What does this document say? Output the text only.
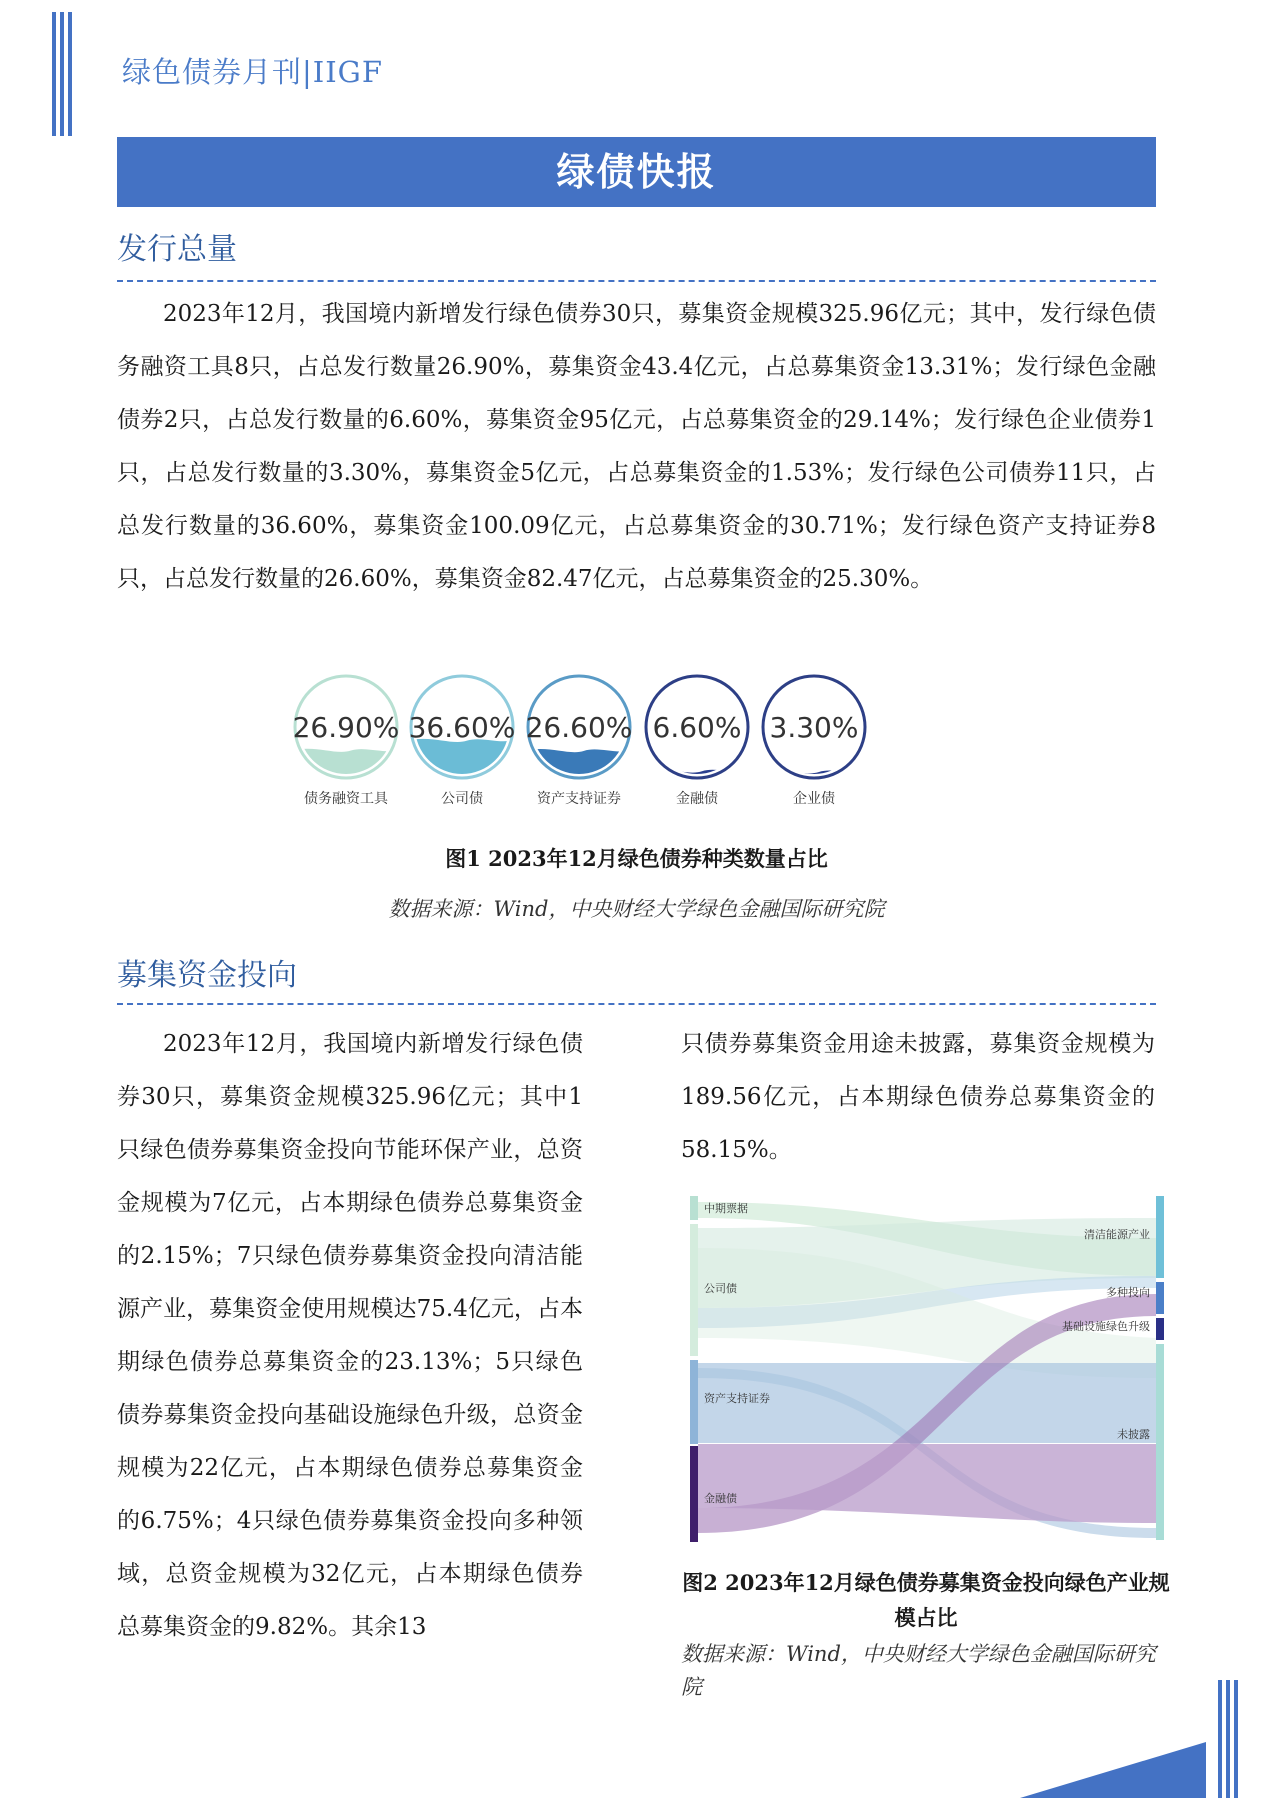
绿色债券月刊|IIGF
绿债快报
发行总量

2023年12月，我国境内新增发行绿色债券30只，募集资金规模325.96亿元；其中，发行绿色债务融资工具8只，占总发行数量26.90%，募集资金43.4亿元，占总募集资金13.31%；发行绿色金融债券2只，占总发行数量的6.60%，募集资金95亿元，占总募集资金的29.14%；发行绿色企业债券1只，占总发行数量的3.30%，募集资金5亿元，占总募集资金的1.53%；发行绿色公司债券11只，占总发行数量的36.60%，募集资金100.09亿元，占总募集资金的30.71%；发行绿色资产支持证券8只，占总发行数量的26.60%，募集资金82.47亿元，占总募集资金的25.30%。

26.90%
债务融资工具
36.60%
公司债
26.60%
资产支持证券
6.60%
金融债
3.30%
企业债
图1 2023年12月绿色债券种类数量占比
数据来源：Wind，中央财经大学绿色金融国际研究院
募集资金投向

2023年12月，我国境内新增发行绿色债券30只，募集资金规模325.96亿元；其中1只绿色债券募集资金投向节能环保产业，总资金规模为7亿元，占本期绿色债券总募集资金的2.15%；7只绿色债券募集资金投向清洁能源产业，募集资金使用规模达75.4亿元，占本期绿色债券总募集资金的23.13%；5只绿色债券募集资金投向基础设施绿色升级，总资金规模为22亿元，占本期绿色债券总募集资金的6.75%；4只绿色债券募集资金投向多种领域，总资金规模为32亿元，占本期绿色债券总募集资金的9.82%。其余13

只债券募集资金用途未披露，募集资金规模为189.56亿元，占本期绿色债券总募集资金的58.15%。

中期票据
公司债
资产支持证券
金融债
清洁能源产业
多种投向
基础设施绿色升级
未披露
图2 2023年12月绿色债券募集资金投向绿色产业规模占比
数据来源：Wind，中央财经大学绿色金融国际研究院
2
